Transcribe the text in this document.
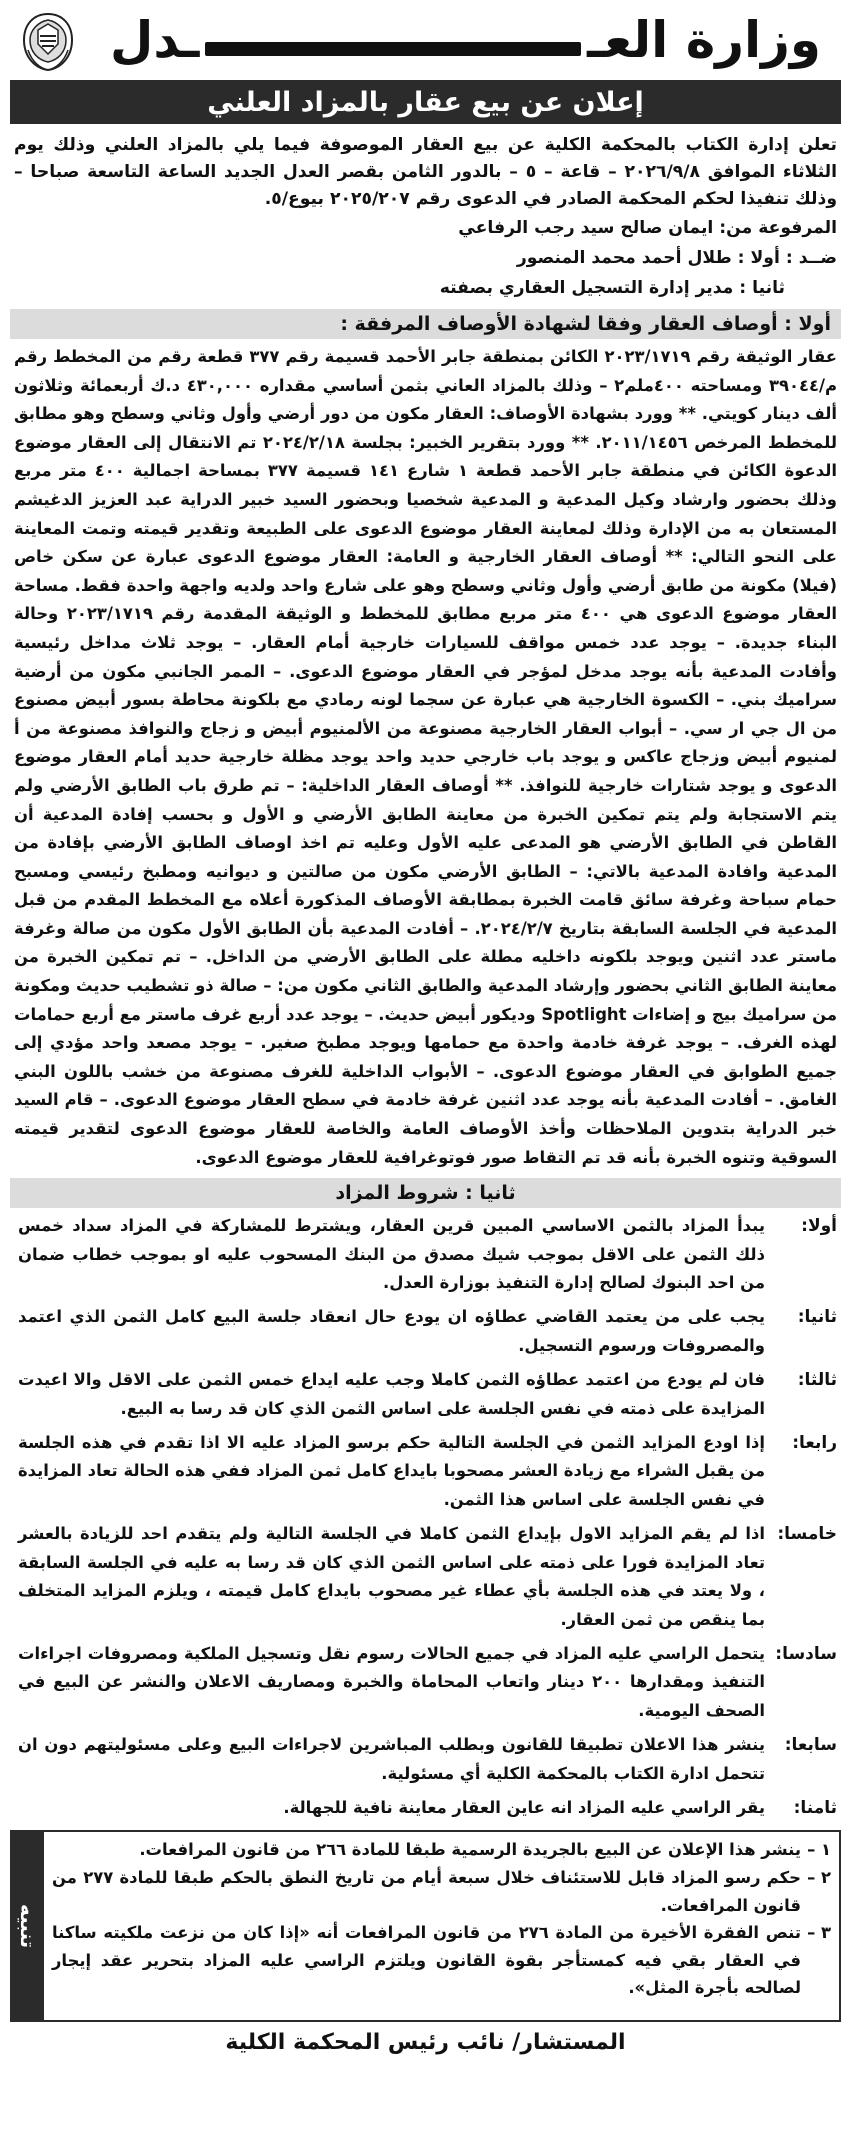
وزارة العـ
ـدل
إعلان عن بيع عقار بالمزاد العلني

تعلن إدارة الكتاب بالمحكمة الكلية عن بيع العقار الموصوفة فيما يلي بالمزاد العلني وذلك يوم الثلاثاء الموافق ٢٠٢٦/٩/٨ – قاعة – ٥ – بالدور الثامن بقصر العدل الجديد الساعة التاسعة صباحا – وذلك تنفيذا لحكم المحكمة الصادر في الدعوى رقم ٢٠٢٥/٢٠٧ بيوع/٥.

المرفوعة من: ايمان صالح سيد رجب الرفاعي
ضــد : أولا : طلال أحمد محمد المنصور
ثانيا : مدير إدارة التسجيل العقاري بصفته
أولا : أوصاف العقار وفقا لشهادة الأوصاف المرفقة :
عقار الوثيقة رقم ٢٠٢٣/١٧١٩ الكائن بمنطقة جابر الأحمد قسيمة رقم ٣٧٧ قطعة رقم من المخطط رقم م/٣٩٠٤٤ ومساحته ٤٠٠ملم٢ – وذلك بالمزاد العاني بثمن أساسي مقداره ٤٣٠,٠٠٠ د.ك أربعمائة وثلاثون ألف دينار كويتي. ** وورد بشهادة الأوصاف: العقار مكون من دور أرضي وأول وثاني وسطح وهو مطابق للمخطط المرخص ٢٠١١/١٤٥٦. ** وورد بتقرير الخبير: بجلسة ٢٠٢٤/٢/١٨ تم الانتقال إلى العقار موضوع الدعوة الكائن في منطقة جابر الأحمد قطعة ١ شارع ١٤١ قسيمة ٣٧٧ بمساحة اجمالية ٤٠٠ متر مربع وذلك بحضور وارشاد وكيل المدعية و المدعية شخصيا وبحضور السيد خبير الدراية عبد العزيز الدغيشم المستعان به من الإدارة وذلك لمعاينة العقار موضوع الدعوى على الطبيعة وتقدير قيمته وتمت المعاينة على النحو التالي: ** أوصاف العقار الخارجية و العامة: العقار موضوع الدعوى عبارة عن سكن خاص (فيلا) مكونة من طابق أرضي وأول وثاني وسطح وهو على شارع واحد ولديه واجهة واحدة فقط. مساحة العقار موضوع الدعوى هي ٤٠٠ متر مربع مطابق للمخطط و الوثيقة المقدمة رقم ٢٠٢٣/١٧١٩ وحالة البناء جديدة. – يوجد عدد خمس مواقف للسيارات خارجية أمام العقار. – يوجد ثلاث مداخل رئيسية وأفادت المدعية بأنه يوجد مدخل لمؤجر في العقار موضوع الدعوى. – الممر الجانبي مكون من أرضية سراميك بني. – الكسوة الخارجية هي عبارة عن سجما لونه رمادي مع بلكونة محاطة بسور أبيض مصنوع من ال جي ار سي. – أبواب العقار الخارجية مصنوعة من الألمنيوم أبيض و زجاج والنوافذ مصنوعة من أ لمنيوم أبيض وزجاج عاكس و يوجد باب خارجي حديد واحد يوجد مظلة خارجية حديد أمام العقار موضوع الدعوى و يوجد شتارات خارجية للنوافذ. ** أوصاف العقار الداخلية: – تم طرق باب الطابق الأرضي ولم يتم الاستجابة ولم يتم تمكين الخبرة من معاينة الطابق الأرضي و الأول و بحسب إفادة المدعية أن القاطن في الطابق الأرضي هو المدعى عليه الأول وعليه تم اخذ اوصاف الطابق الأرضي بإفادة من المدعية وافادة المدعية بالاتي: – الطابق الأرضي مكون من صالتين و ديوانيه ومطبخ رئيسي ومسبح حمام سباحة وغرفة سائق قامت الخبرة بمطابقة الأوصاف المذكورة أعلاه مع المخطط المقدم من قبل المدعية في الجلسة السابقة بتاريخ ٢٠٢٤/٢/٧. – أفادت المدعية بأن الطابق الأول مكون من صالة وغرفة ماستر عدد اثنين ويوجد بلكونه داخليه مطلة على الطابق الأرضي من الداخل. – تم تمكين الخبرة من معاينة الطابق الثاني بحضور وإرشاد المدعية والطابق الثاني مكون من: – صالة ذو تشطيب حديث ومكونة من سراميك بيج و إضاءات Spotlight وديكور أبيض حديث. – يوجد عدد أربع غرف ماستر مع أربع حمامات لهذه الغرف. – يوجد غرفة خادمة واحدة مع حمامها ويوجد مطبخ صغير. – يوجد مصعد واحد مؤدي إلى جميع الطوابق في العقار موضوع الدعوى. – الأبواب الداخلية للغرف مصنوعة من خشب باللون البني الغامق. – أفادت المدعية بأنه يوجد عدد اثنين غرفة خادمة في سطح العقار موضوع الدعوى. – قام السيد خبر الدراية بتدوين الملاحظات وأخذ الأوصاف العامة والخاصة للعقار موضوع الدعوى لتقدير قيمته السوقية وتنوه الخبرة بأنه قد تم التقاط صور فوتوغرافية للعقار موضوع الدعوى.
ثانيا : شروط المزاد
أولا:
يبدأ المزاد بالثمن الاساسي المبين قرين العقار، ويشترط للمشاركة في المزاد سداد خمس ذلك الثمن على الاقل بموجب شيك مصدق من البنك المسحوب عليه او بموجب خطاب ضمان من احد البنوك لصالح إدارة التنفيذ بوزارة العدل.
ثانيا:
يجب على من يعتمد القاضي عطاؤه ان يودع حال انعقاد جلسة البيع كامل الثمن الذي اعتمد والمصروفات ورسوم التسجيل.
ثالثا:
فان لم يودع من اعتمد عطاؤه الثمن كاملا وجب عليه ايداع خمس الثمن على الاقل والا اعيدت المزايدة على ذمته في نفس الجلسة على اساس الثمن الذي كان قد رسا به البيع.
رابعا:
إذا اودع المزايد الثمن في الجلسة التالية حكم برسو المزاد عليه الا اذا تقدم في هذه الجلسة من يقبل الشراء مع زيادة العشر مصحوبا بايداع كامل ثمن المزاد ففي هذه الحالة تعاد المزايدة في نفس الجلسة على اساس هذا الثمن.
خامسا:
اذا لم يقم المزايد الاول بإيداع الثمن كاملا في الجلسة التالية ولم يتقدم احد للزيادة بالعشر تعاد المزايدة فورا على ذمته على اساس الثمن الذي كان قد رسا به عليه في الجلسة السابقة ، ولا يعتد في هذه الجلسة بأي عطاء غير مصحوب بايداع كامل قيمته ، ويلزم المزايد المتخلف بما ينقص من ثمن العقار.
سادسا:
يتحمل الراسي عليه المزاد في جميع الحالات رسوم نقل وتسجيل الملكية ومصروفات اجراءات التنفيذ ومقدارها ٢٠٠ دينار واتعاب المحاماة والخبرة ومصاريف الاعلان والنشر عن البيع في الصحف اليومية.
سابعا:
ينشر هذا الاعلان تطبيقا للقانون وبطلب المباشرين لاجراءات البيع وعلى مسئوليتهم دون ان تتحمل ادارة الكتاب بالمحكمة الكلية أي مسئولية.
ثامنا:
يقر الراسي عليه المزاد انه عاين العقار معاينة نافية للجهالة.
تنبيه
١ –
ينشر هذا الإعلان عن البيع بالجريدة الرسمية طبقا للمادة ٢٦٦ من قانون المرافعات.
٢ –
حكم رسو المزاد قابل للاستئناف خلال سبعة أيام من تاريخ النطق بالحكم طبقا للمادة ٢٧٧ من قانون المرافعات.
٣ –
تنص الفقرة الأخيرة من المادة ٢٧٦ من قانون المرافعات أنه «إذا كان من نزعت ملكيته ساكنا في العقار بقي فيه كمستأجر بقوة القانون ويلتزم الراسي عليه المزاد بتحرير عقد إيجار لصالحه بأجرة المثل».
المستشار/ نائب رئيس المحكمة الكلية
